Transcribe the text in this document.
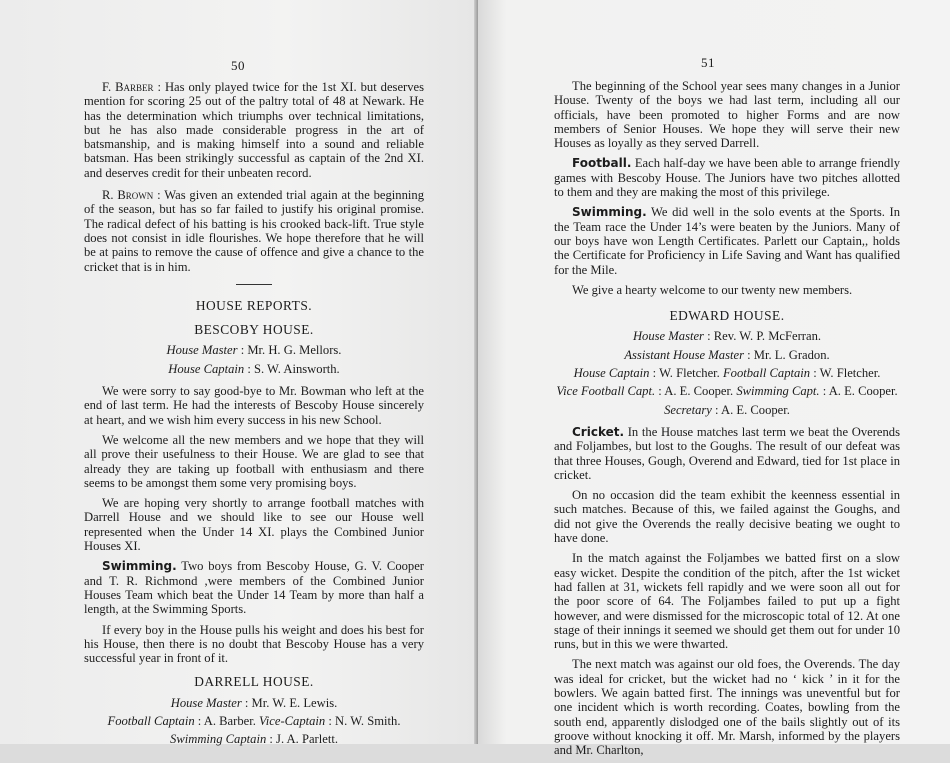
50

F. Barber : Has only played twice for the 1st XI. but deserves mention for scoring 25 out of the paltry total of 48 at Newark. He has the determination which triumphs over technical limitations, but he has also made considerable progress in the art of batsmanship, and is making himself into a sound and reliable batsman. Has been strikingly successful as captain of the 2nd XI. and deserves credit for their unbeaten record.

R. Brown : Was given an extended trial again at the beginning of the season, but has so far failed to justify his original promise. The radical defect of his batting is his crooked back-lift. True style does not consist in idle flourishes. We hope therefore that he will be at pains to remove the cause of offence and give a chance to the cricket that is in him.

HOUSE REPORTS.
BESCOBY HOUSE.
House Master : Mr. H. G. Mellors.
House Captain : S. W. Ainsworth.

We were sorry to say good-bye to Mr. Bowman who left at the end of last term. He had the interests of Bescoby House sincerely at heart, and we wish him every success in his new School.

We welcome all the new members and we hope that they will all prove their usefulness to their House. We are glad to see that already they are taking up football with enthusiasm and there seems to be amongst them some very promising boys.

We are hoping very shortly to arrange football matches with Darrell House and we should like to see our House well represented when the Under 14 XI. plays the Combined Junior Houses XI.

Swimming. Two boys from Bescoby House, G. V. Cooper and T. R. Richmond ,were members of the Combined Junior Houses Team which beat the Under 14 Team by more than half a length, at the Swimming Sports.

If every boy in the House pulls his weight and does his best for his House, then there is no doubt that Bescoby House has a very successful year in front of it.

DARRELL HOUSE.
House Master : Mr. W. E. Lewis.
Football Captain : A. Barber. Vice-Captain : N. W. Smith.
Swimming Captain : J. A. Parlett.
51

The beginning of the School year sees many changes in a Junior House. Twenty of the boys we had last term, including all our officials, have been promoted to higher Forms and are now members of Senior Houses. We hope they will serve their new Houses as loyally as they served Darrell.

Football. Each half-day we have been able to arrange friendly games with Bescoby House. The Juniors have two pitches allotted to them and they are making the most of this privilege.

Swimming. We did well in the solo events at the Sports. In the Team race the Under 14’s were beaten by the Juniors. Many of our boys have won Length Certificates. Parlett our Captain,, holds the Certificate for Proficiency in Life Saving and Want has qualified for the Mile.

We give a hearty welcome to our twenty new members.

EDWARD HOUSE.
House Master : Rev. W. P. McFerran.
Assistant House Master : Mr. L. Gradon.
House Captain : W. Fletcher. Football Captain : W. Fletcher.
Vice Football Capt. : A. E. Cooper. Swimming Capt. : A. E. Cooper.
Secretary : A. E. Cooper.

Cricket. In the House matches last term we beat the Overends and Foljambes, but lost to the Goughs. The result of our defeat was that three Houses, Gough, Overend and Edward, tied for 1st place in cricket.

On no occasion did the team exhibit the keenness essential in such matches. Because of this, we failed against the Goughs, and did not give the Overends the really decisive beating we ought to have done.

In the match against the Foljambes we batted first on a slow easy wicket. Despite the condition of the pitch, after the 1st wicket had fallen at 31, wickets fell rapidly and we were soon all out for the poor score of 64. The Foljambes failed to put up a fight however, and were dismissed for the microscopic total of 12. At one stage of their innings it seemed we should get them out for under 10 runs, but in this we were thwarted.

The next match was against our old foes, the Overends. The day was ideal for cricket, but the wicket had no ‘ kick ’ in it for the bowlers. We again batted first. The innings was uneventful but for one incident which is worth recording. Coates, bowling from the south end, apparently dislodged one of the bails slightly out of its groove without knocking it off. Mr. Marsh, informed by the players and Mr. Charlton,
